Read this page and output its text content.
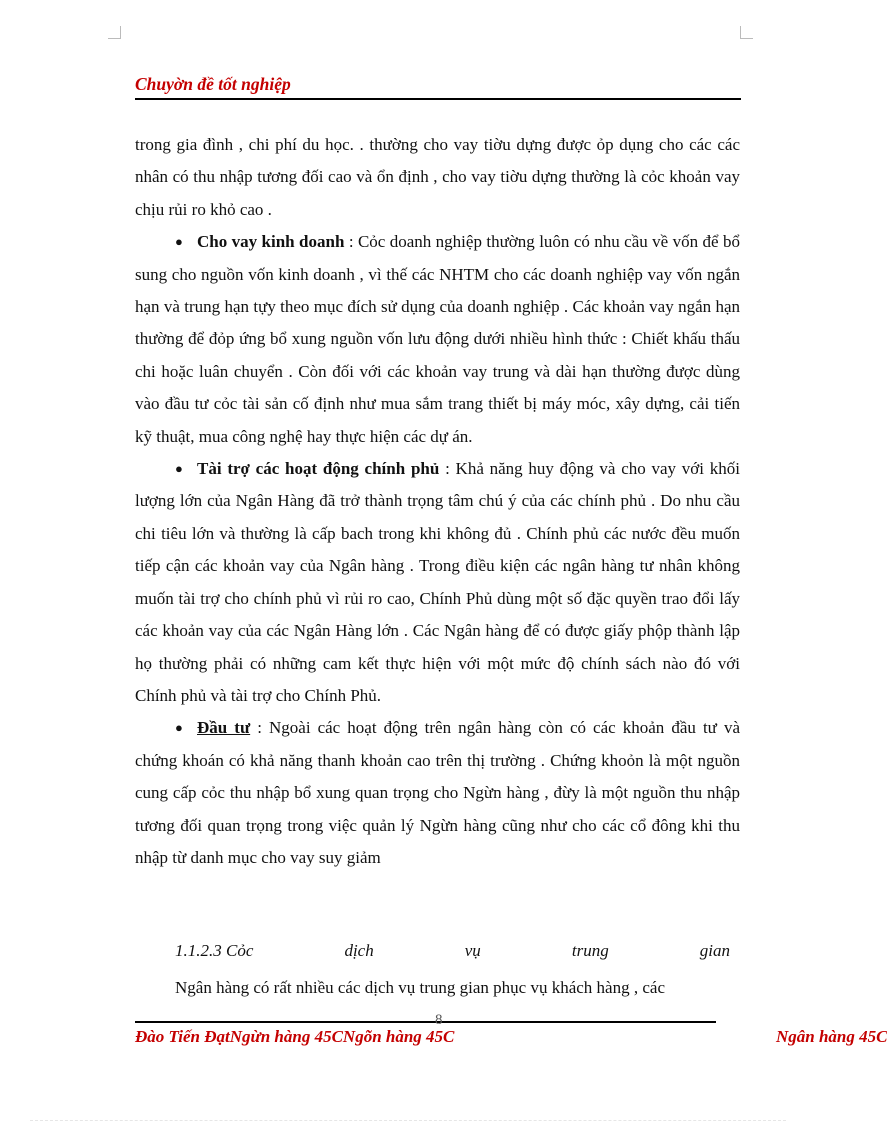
Chuyờn đề tốt nghiệp

trong gia đình , chi phí du học. . thường cho vay tiờu dựng được ỏp dụng cho các các nhân có thu nhập tương đối cao và ổn định , cho vay tiờu dựng thường là cỏc khoản vay chịu rủi ro khỏ cao .

● Cho vay kinh doanh : Cỏc doanh nghiệp thường luôn có nhu cầu về vốn để bổ sung cho nguồn vốn kinh doanh , vì thế các NHTM cho các doanh nghiệp vay vốn ngắn hạn và trung hạn tựy theo mục đích sử dụng của doanh nghiệp . Các khoản vay ngắn hạn thường để đỏp ứng bổ xung nguồn vốn lưu động dưới nhiều hình thức : Chiết khấu thấu chi hoặc luân chuyển . Còn đối với các khoản vay trung và dài hạn thường được dùng vào đầu tư cỏc tài sản cố định như mua sắm trang thiết bị máy móc, xây dựng, cải tiến kỹ thuật, mua công nghệ hay thực hiện các dự án.

● Tài trợ các hoạt động chính phủ : Khả năng huy động và cho vay với khối lượng lớn của Ngân Hàng đã trở thành trọng tâm chú ý của các chính phủ . Do nhu cầu chi tiêu lớn và thường là cấp bach trong khi không đủ . Chính phủ các nước đều muốn tiếp cận các khoản vay của Ngân hàng . Trong điều kiện các ngân hàng tư nhân không muốn tài trợ cho chính phủ vì rủi ro cao, Chính Phủ dùng một số đặc quyền trao đổi lấy các khoản vay của các Ngân Hàng lớn . Các Ngân hàng để có được giấy phộp thành lập họ thường phải có những cam kết thực hiện với một mức độ chính sách nào đó với Chính phủ và tài trợ cho Chính Phủ.

● Đầu tư : Ngoài các hoạt động trên ngân hàng còn có các khoản đầu tư và chứng khoán có khả năng thanh khoản cao trên thị trường . Chứng khoỏn là một nguồn cung cấp cỏc thu nhập bổ xung quan trọng cho Ngừn hàng , đừy là một nguồn thu nhập tương đối quan trọng trong việc quản lý Ngừn hàng cũng như cho các cổ đông khi thu nhập từ danh mục cho vay suy giảm

1.1.2.3 Cỏc	dịch	vụ	trung	gian
Ngân hàng có rất nhiều các dịch vụ trung gian phục vụ khách hàng , các
8
Đào Tiến ĐạtNgừn hàng 45CNgõn hàng 45C	Ngân hàng 45C
